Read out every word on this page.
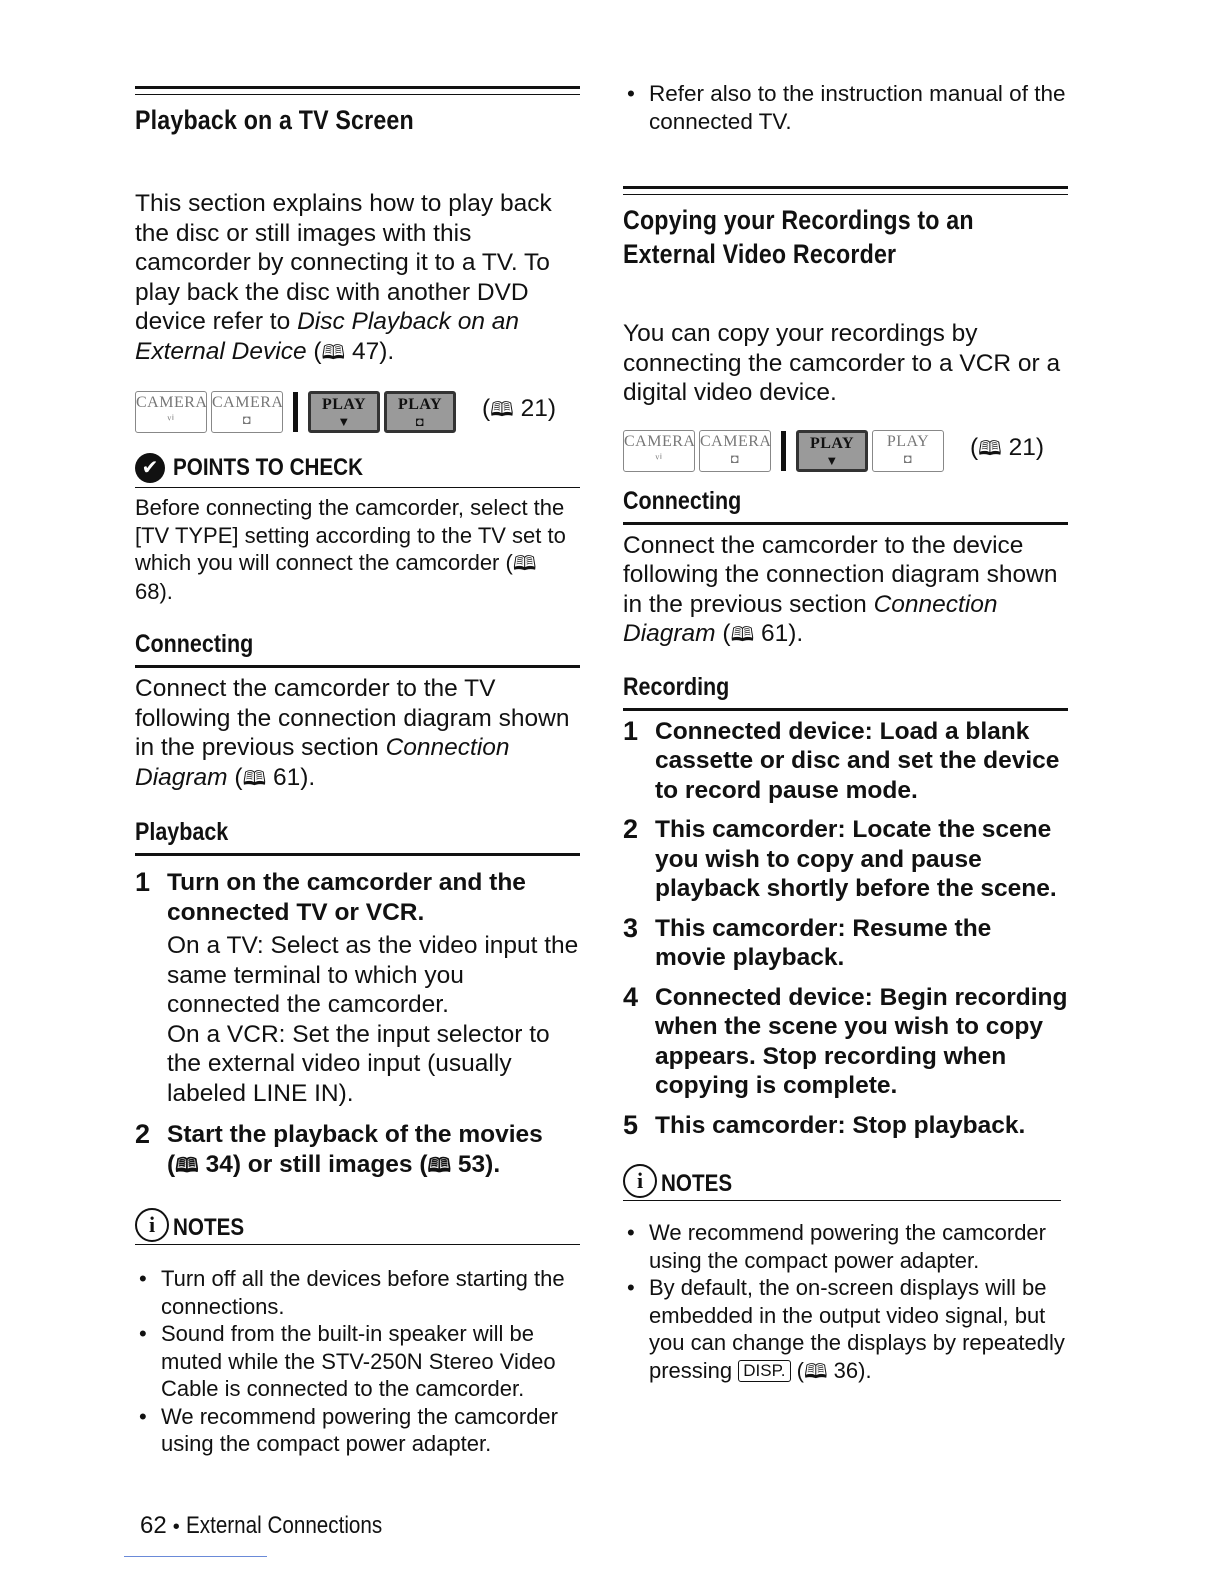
Playback on a TV Screen
This section explains how to play back the disc or still images with this camcorder by connecting it to a TV. To play back the disc with another DVD device refer to Disc Playback on an External Device (🕮 47).
CAMERA
ᵛⁱ
CAMERA
◘
PLAY
▼
PLAY
◘	(🕮 21)
✔ POINTS TO CHECK
Before connecting the camcorder, select the [TV TYPE] setting according to the TV set to which you will connect the camcorder (🕮 68).
Connecting
Connect the camcorder to the TV following the connection diagram shown in the previous section Connection Diagram (🕮 61).
Playback
1 Turn on the camcorder and the connected TV or VCR.
On a TV: Select as the video input the same terminal to which you connected the camcorder.
On a VCR: Set the input selector to the external video input (usually labeled LINE IN).
2 Start the playback of the movies (🕮 34) or still images (🕮 53).
i NOTES
• Turn off all the devices before starting the connections.
• Sound from the built-in speaker will be muted while the STV-250N Stereo Video Cable is connected to the camcorder.
• We recommend powering the camcorder using the compact power adapter.
• Refer also to the instruction manual of the connected TV.
Copying your Recordings to an External Video Recorder
You can copy your recordings by connecting the camcorder to a VCR or a digital video device.
CAMERA
ᵛⁱ
CAMERA
◘
PLAY
▼
PLAY
◘	(🕮 21)
Connecting
Connect the camcorder to the device following the connection diagram shown in the previous section Connection Diagram (🕮 61).
Recording
1 Connected device: Load a blank cassette or disc and set the device to record pause mode.
2 This camcorder: Locate the scene you wish to copy and pause playback shortly before the scene.
3 This camcorder: Resume the movie playback.
4 Connected device: Begin recording when the scene you wish to copy appears. Stop recording when copying is complete.
5 This camcorder: Stop playback.
i NOTES
• We recommend powering the camcorder using the compact power adapter.
• By default, the on-screen displays will be embedded in the output video signal, but you can change the displays by repeatedly pressing DISP. (🕮 36).
62 • External Connections
